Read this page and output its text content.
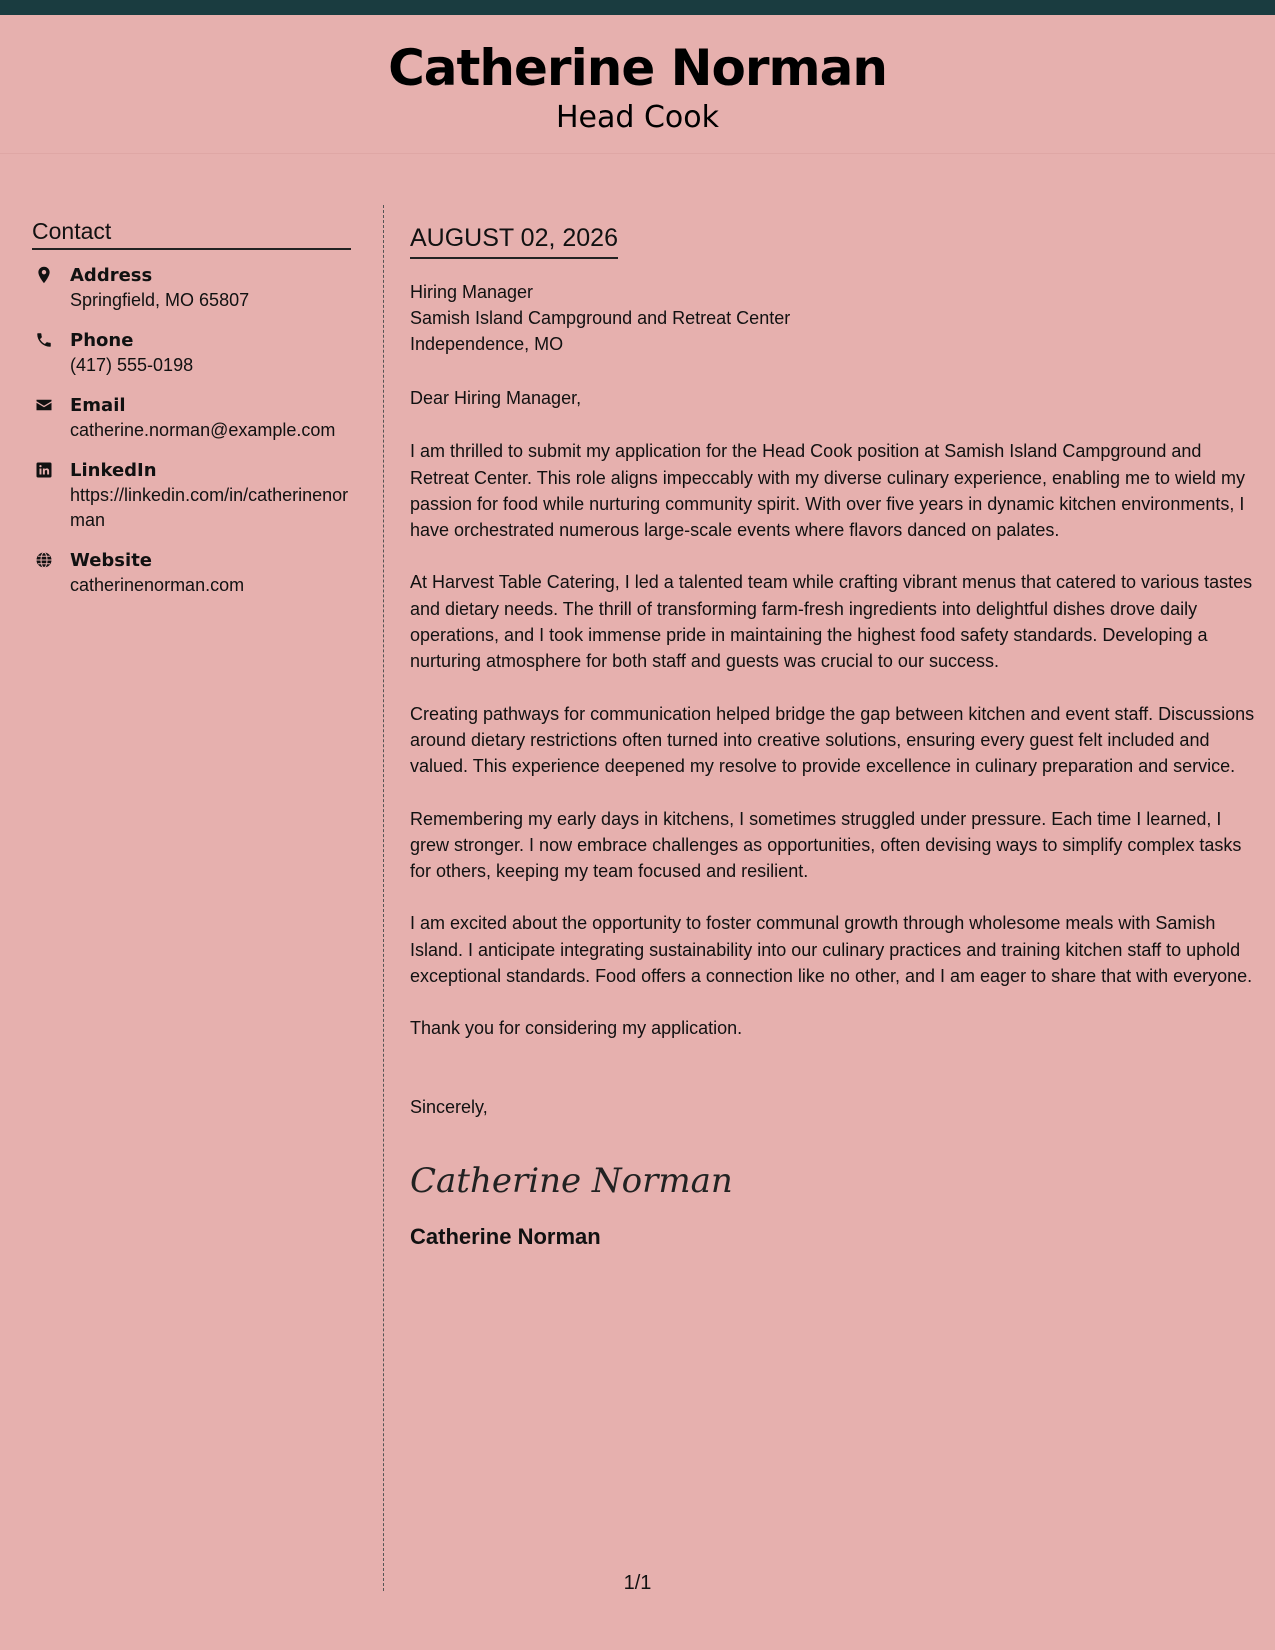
Catherine Norman
Head Cook
Contact
Address
Springfield, MO 65807
Phone
(417) 555-0198
Email
catherine.norman@example.com
LinkedIn
https://linkedin.com/in/catherinenorman
Website
catherinenorman.com
AUGUST 02, 2026
Hiring Manager
Samish Island Campground and Retreat Center
Independence, MO

Dear Hiring Manager,

I am thrilled to submit my application for the Head Cook position at Samish Island Campground and Retreat Center. This role aligns impeccably with my diverse culinary experience, enabling me to wield my passion for food while nurturing community spirit. With over five years in dynamic kitchen environments, I have orchestrated numerous large-scale events where flavors danced on palates.

At Harvest Table Catering, I led a talented team while crafting vibrant menus that catered to various tastes and dietary needs. The thrill of transforming farm-fresh ingredients into delightful dishes drove daily operations, and I took immense pride in maintaining the highest food safety standards. Developing a nurturing atmosphere for both staff and guests was crucial to our success.

Creating pathways for communication helped bridge the gap between kitchen and event staff. Discussions around dietary restrictions often turned into creative solutions, ensuring every guest felt included and valued. This experience deepened my resolve to provide excellence in culinary preparation and service.

Remembering my early days in kitchens, I sometimes struggled under pressure. Each time I learned, I grew stronger. I now embrace challenges as opportunities, often devising ways to simplify complex tasks for others, keeping my team focused and resilient.

I am excited about the opportunity to foster communal growth through wholesome meals with Samish Island. I anticipate integrating sustainability into our culinary practices and training kitchen staff to uphold exceptional standards. Food offers a connection like no other, and I am eager to share that with everyone.

Thank you for considering my application.

Sincerely,
Catherine Norman
Catherine Norman
1/1
